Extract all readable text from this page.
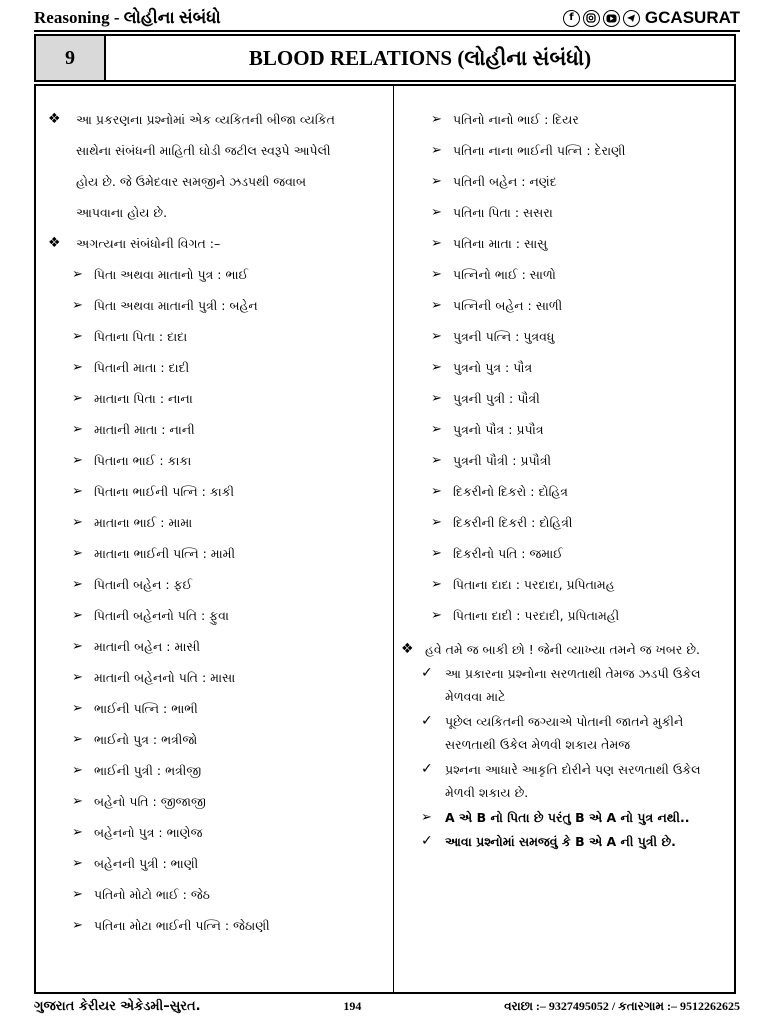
Reasoning - લોહીના સંબંધો	f	GCASURAT
9	BLOOD RELATIONS (લોહીના સંબંધો)
❖ આ પ્રકરણના પ્રશ્નોમાં એક વ્યકિતની બીજા વ્યકિત
સાથેના સંબંધની માહિતી ઘોડી જટીલ સ્વરૂપે આપેલી
હોય છે. જે ઉમેદવાર સમજીને ઝડપથી જવાબ
આપવાના હોય છે.
❖ અગત્યના સંબંધોની વિગત :–
➢ પિતા અથવા માતાનો પુત્ર : ભાઈ
➢ પિતા અથવા માતાની પુત્રી : બહેન
➢ પિતાના પિતા : દાદા
➢ પિતાની માતા : દાદી
➢ માતાના પિતા : નાના
➢ માતાની માતા : નાની
➢ પિતાના ભાઈ : કાકા
➢ પિતાના ભાઈની પત્નિ : કાકી
➢ માતાના ભાઈ : મામા
➢ માતાના ભાઈની પત્નિ : મામી
➢ પિતાની બહેન : ફઈ
➢ પિતાની બહેનનો પતિ : ફુવા
➢ માતાની બહેન : માસી
➢ માતાની બહેનનો પતિ : માસા
➢ ભાઈની પત્નિ : ભાભી
➢ ભાઈનો પુત્ર : ભત્રીજો
➢ ભાઈની પુત્રી : ભત્રીજી
➢ બહેનો પતિ : જીજાજી
➢ બહેનનો પુત્ર : ભાણેજ
➢ બહેનની પુત્રી : ભાણી
➢ પતિનો મોટો ભાઈ : જેઠ
➢ પતિના મોટા ભાઈની પત્નિ : જેઠાણી
➢ પતિનો નાનો ભાઈ : દિયર
➢ પતિના નાના ભાઈની પત્નિ : દેરાણી
➢ પતિની બહેન : નણંદ
➢ પતિના પિતા : સસરા
➢ પતિના માતા : સાસુ
➢ પત્નિનો ભાઈ : સાળો
➢ પત્નિની બહેન : સાળી
➢ પુત્રની પત્નિ : પુત્રવધુ
➢ પુત્રનો પુત્ર : પૌત્ર
➢ પુત્રની પુત્રી : પૌત્રી
➢ પુત્રનો પૌત્ર : પ્રપૌત્ર
➢ પુત્રની પૌત્રી : પ્રપૌત્રી
➢ દિકરીનો દિકરો : દોહિત્ર
➢ દિકરીની દિકરી : દોહિત્રી
➢ દિકરીનો પતિ : જમાઈ
➢ પિતાના દાદા : પરદાદા, પ્રપિતામહ
➢ પિતાના દાદી : પરદાદી, પ્રપિતામહી
❖ હવે તમે જ બાકી છો ! જેની વ્યાખ્યા તમને જ ખબર છે.
✓ આ પ્રકારના પ્રશ્નોના સરળતાથી તેમજ ઝડપી ઉકેલ
મેળવવા માટે
✓ પૂછેલ વ્યકિતની જગ્યાએ પોતાની જાતને મુકીને
સરળતાથી ઉકેલ મેળવી શકાય તેમજ
✓ પ્રશ્નના આધારે આકૃતિ દોરીને પણ સરળતાથી ઉકેલ
મેળવી શકાય છે.
➢ A એ B નો પિતા છે પરંતુ B એ A નો પુત્ર નથી..
✓ આવા પ્રશ્નોમાં સમજવું કે B એ A ની પુત્રી છે.
ગુજરાત કેરીયર એકેડમી–સુરત.	194	વરાછા :– 9327495052 / કતારગામ :– 9512262625
